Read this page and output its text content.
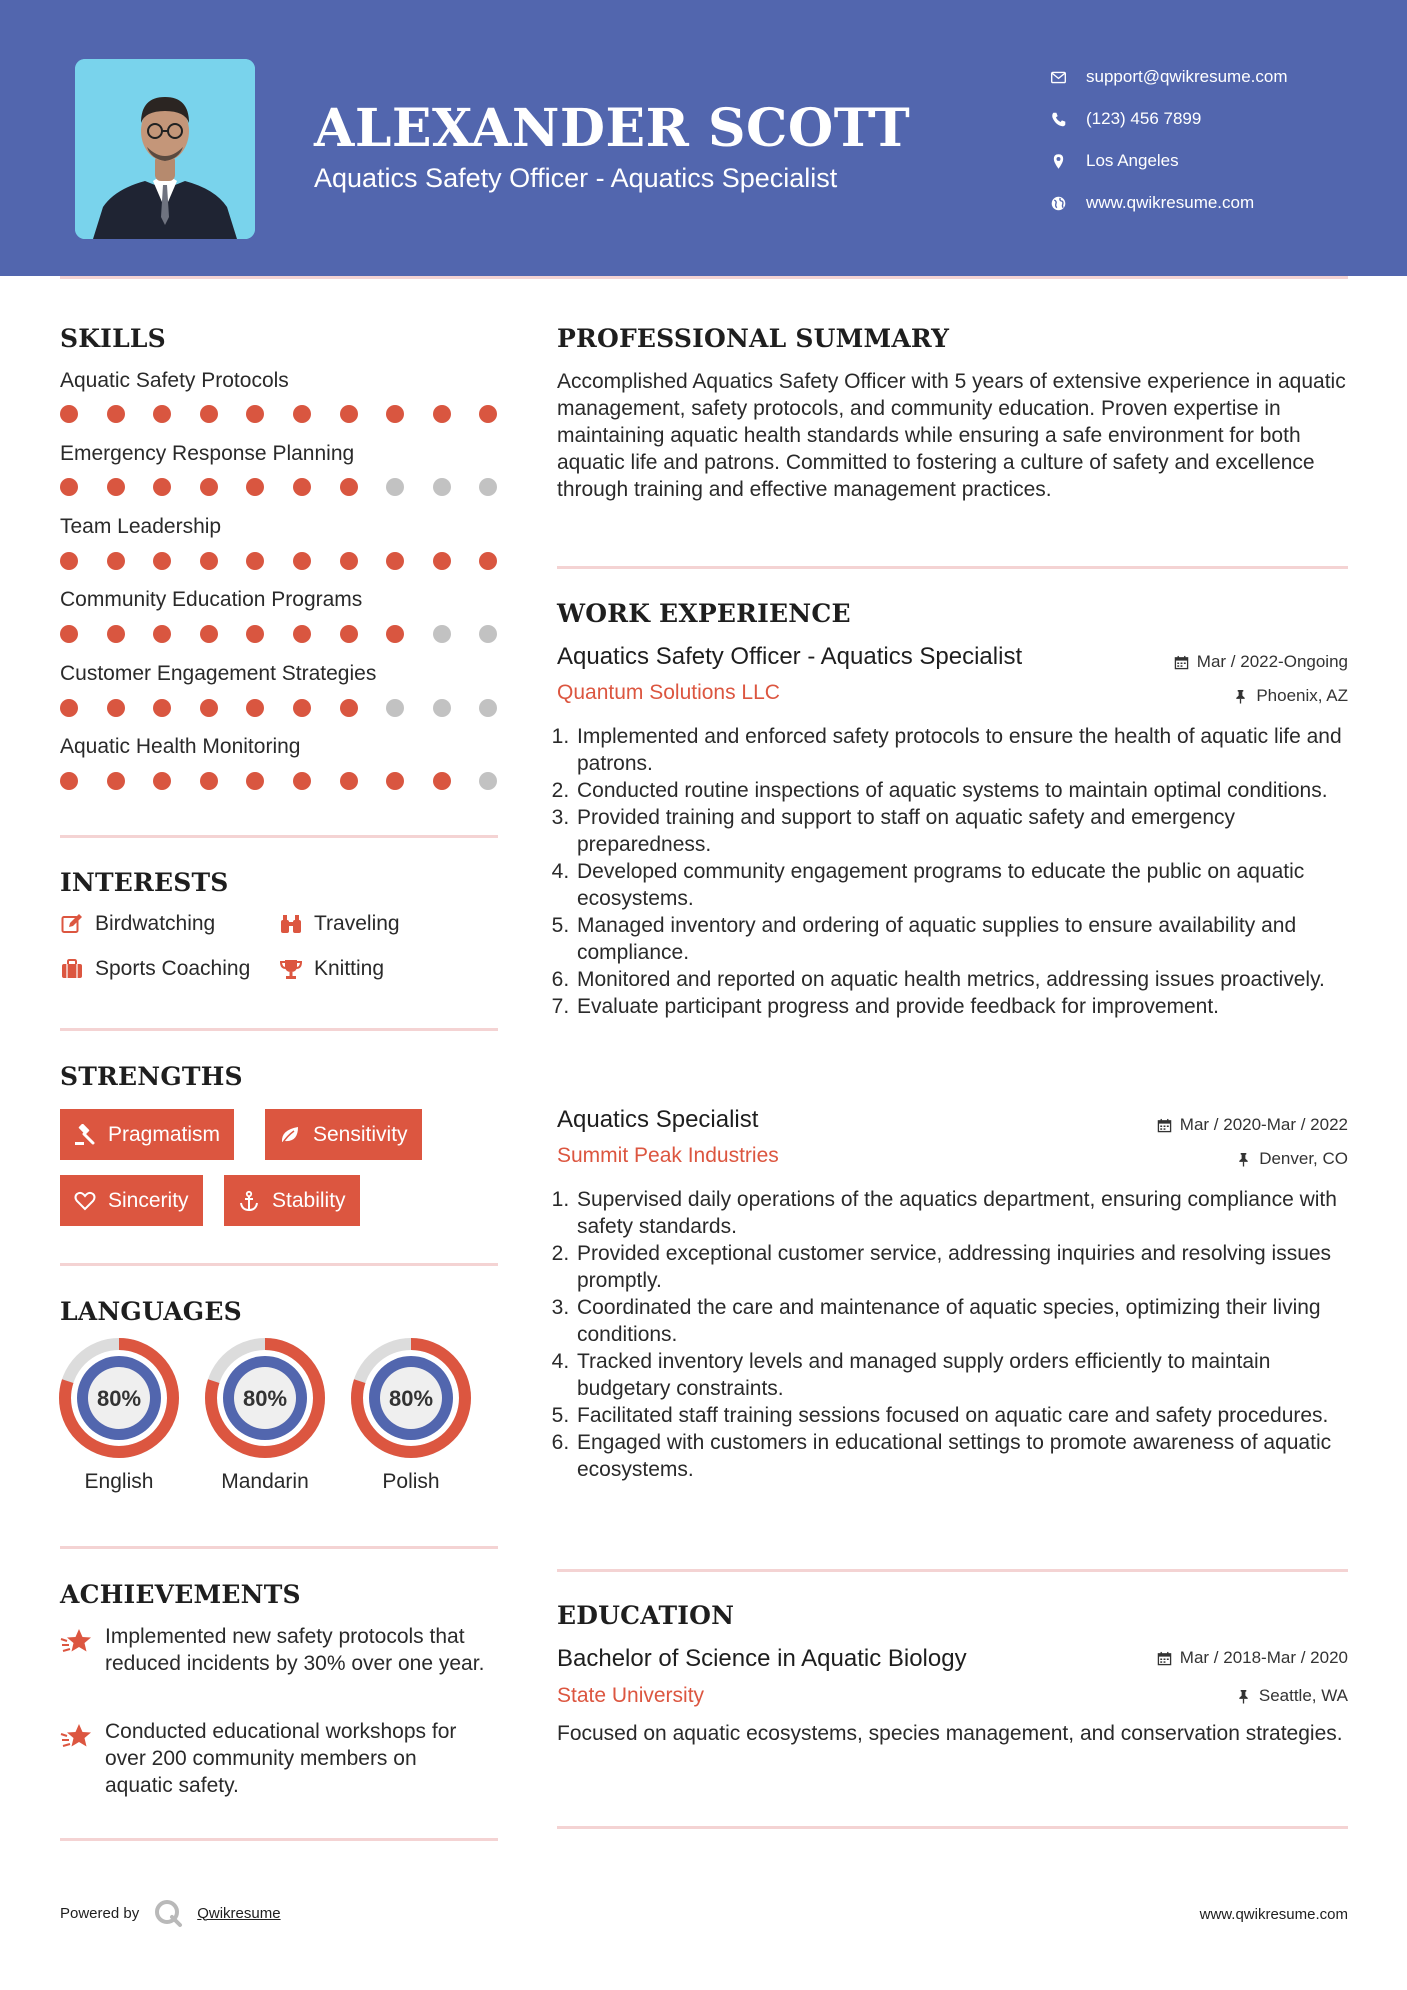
ALEXANDER SCOTT
Aquatics Safety Officer - Aquatics Specialist
support@qwikresume.com
(123) 456 7899
Los Angeles
www.qwikresume.com
SKILLS
Aquatic Safety Protocols
Emergency Response Planning
Team Leadership
Community Education Programs
Customer Engagement Strategies
Aquatic Health Monitoring
INTERESTS
Birdwatching	Traveling
Sports Coaching	Knitting
STRENGTHS
Pragmatism	Sensitivity
Sincerity	Stability
LANGUAGES
80%
English
80%
Mandarin
80%
Polish
ACHIEVEMENTS
Implemented new safety protocols that reduced incidents by 30% over one year.
Conducted educational workshops for over 200 community members on aquatic safety.
PROFESSIONAL SUMMARY
Accomplished Aquatics Safety Officer with 5 years of extensive experience in aquatic management, safety protocols, and community education. Proven expertise in maintaining aquatic health standards while ensuring a safe environment for both aquatic life and patrons. Committed to fostering a culture of safety and excellence through training and effective management practices.
WORK EXPERIENCE
Aquatics Safety Officer - Aquatics Specialist	Mar / 2022-Ongoing
Quantum Solutions LLC	Phoenix, AZ
1. Implemented and enforced safety protocols to ensure the health of aquatic life and patrons.
2. Conducted routine inspections of aquatic systems to maintain optimal conditions.
3. Provided training and support to staff on aquatic safety and emergency preparedness.
4. Developed community engagement programs to educate the public on aquatic ecosystems.
5. Managed inventory and ordering of aquatic supplies to ensure availability and compliance.
6. Monitored and reported on aquatic health metrics, addressing issues proactively.
7. Evaluate participant progress and provide feedback for improvement.
Aquatics Specialist	Mar / 2020-Mar / 2022
Summit Peak Industries	Denver, CO
1. Supervised daily operations of the aquatics department, ensuring compliance with safety standards.
2. Provided exceptional customer service, addressing inquiries and resolving issues promptly.
3. Coordinated the care and maintenance of aquatic species, optimizing their living conditions.
4. Tracked inventory levels and managed supply orders efficiently to maintain budgetary constraints.
5. Facilitated staff training sessions focused on aquatic care and safety procedures.
6. Engaged with customers in educational settings to promote awareness of aquatic ecosystems.
EDUCATION
Bachelor of Science in Aquatic Biology	Mar / 2018-Mar / 2020
State University	Seattle, WA
Focused on aquatic ecosystems, species management, and conservation strategies.
Powered by	Qwikresume	www.qwikresume.com
